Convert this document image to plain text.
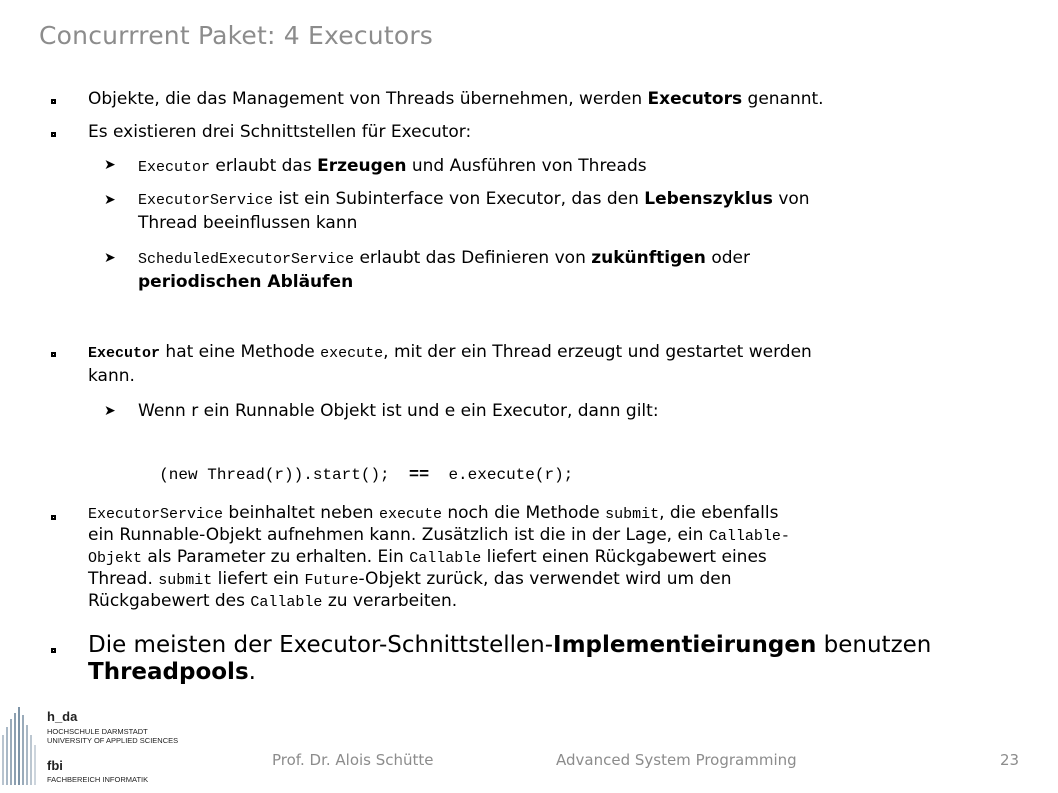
Concurrrent Paket: 4 Executors
Objekte, die das Management von Threads übernehmen, werden Executors genannt.
Es existieren drei Schnittstellen für Executor:
➤ Executor erlaubt das Erzeugen und Ausführen von Threads
➤ ExecutorService ist ein Subinterface von Executor, das den Lebenszyklus von
Thread beeinflussen kann
➤ ScheduledExecutorService erlaubt das Definieren von zukünftigen oder
periodischen Abläufen
Executor hat eine Methode execute, mit der ein Thread erzeugt und gestartet werden
kann.
➤ Wenn r ein Runnable Objekt ist und e ein Executor, dann gilt:

(new Thread(r)).start(); == e.execute(r);

ExecutorService beinhaltet neben execute noch die Methode submit, die ebenfalls
ein Runnable-Objekt aufnehmen kann. Zusätzlich ist die in der Lage, ein Callable-
Objekt als Parameter zu erhalten. Ein Callable liefert einen Rückgabewert eines
Thread. submit liefert ein Future-Objekt zurück, das verwendet wird um den
Rückgabewert des Callable zu verarbeiten.
Die meisten der Executor-Schnittstellen-Implementieirungen benutzen
Threadpools.
h_da
HOCHSCHULE DARMSTADT
UNIVERSITY OF APPLIED SCIENCES
fbi
FACHBEREICH INFORMATIK
Prof. Dr. Alois Schütte	Advanced System Programming	23
